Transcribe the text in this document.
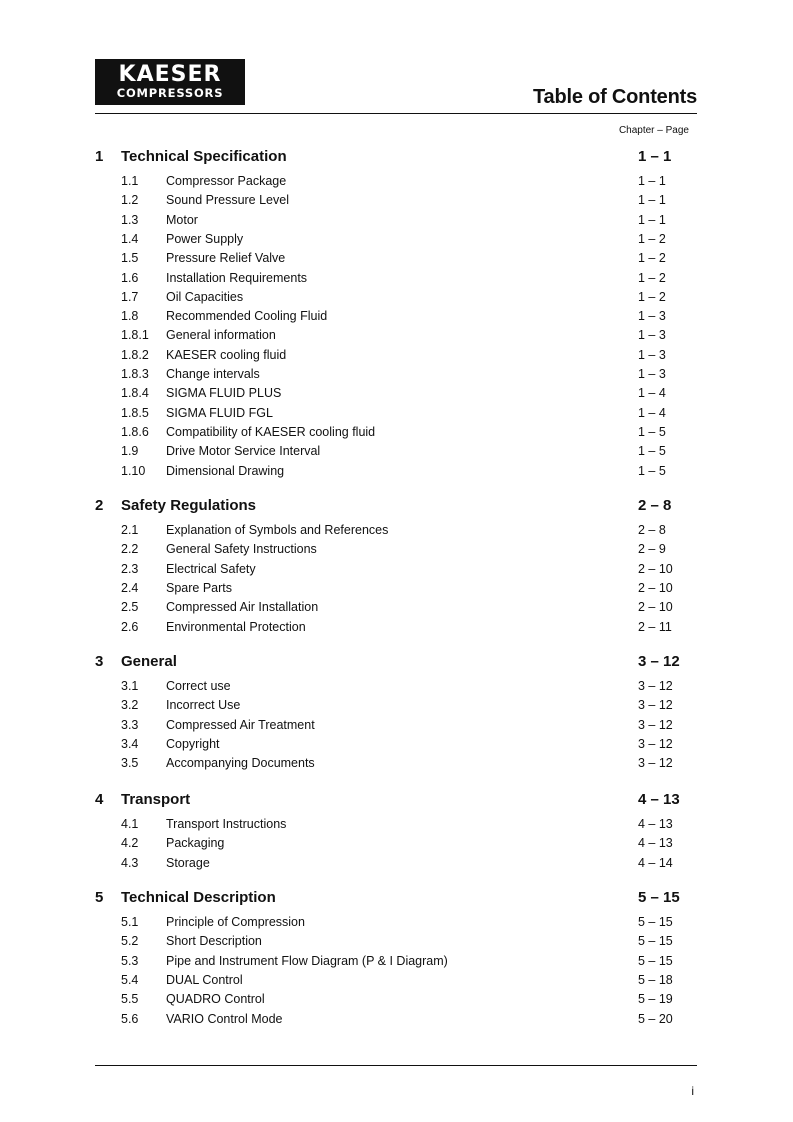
KAESER
COMPRESSORS	Table of Contents
Chapter – Page
1 Technical Specification	1 – 1
1.1 Compressor Package	1 – 1
1.2 Sound Pressure Level	1 – 1
1.3 Motor	1 – 1
1.4 Power Supply	1 – 2
1.5 Pressure Relief Valve	1 – 2
1.6 Installation Requirements	1 – 2
1.7 Oil Capacities	1 – 2
1.8 Recommended Cooling Fluid	1 – 3
1.8.1 General information	1 – 3
1.8.2 KAESER cooling fluid	1 – 3
1.8.3 Change intervals	1 – 3
1.8.4 SIGMA FLUID PLUS	1 – 4
1.8.5 SIGMA FLUID FGL	1 – 4
1.8.6 Compatibility of KAESER cooling fluid	1 – 5
1.9 Drive Motor Service Interval	1 – 5
1.10 Dimensional Drawing	1 – 5
2 Safety Regulations	2 – 8
2.1 Explanation of Symbols and References	2 – 8
2.2 General Safety Instructions	2 – 9
2.3 Electrical Safety	2 – 10
2.4 Spare Parts	2 – 10
2.5 Compressed Air Installation	2 – 10
2.6 Environmental Protection	2 – 11
3 General	3 – 12
3.1 Correct use	3 – 12
3.2 Incorrect Use	3 – 12
3.3 Compressed Air Treatment	3 – 12
3.4 Copyright	3 – 12
3.5 Accompanying Documents	3 – 12
4 Transport	4 – 13
4.1 Transport Instructions	4 – 13
4.2 Packaging	4 – 13
4.3 Storage	4 – 14
5 Technical Description	5 – 15
5.1 Principle of Compression	5 – 15
5.2 Short Description	5 – 15
5.3 Pipe and Instrument Flow Diagram (P & I Diagram)	5 – 15
5.4 DUAL Control	5 – 18
5.5 QUADRO Control	5 – 19
5.6 VARIO Control Mode	5 – 20
i
